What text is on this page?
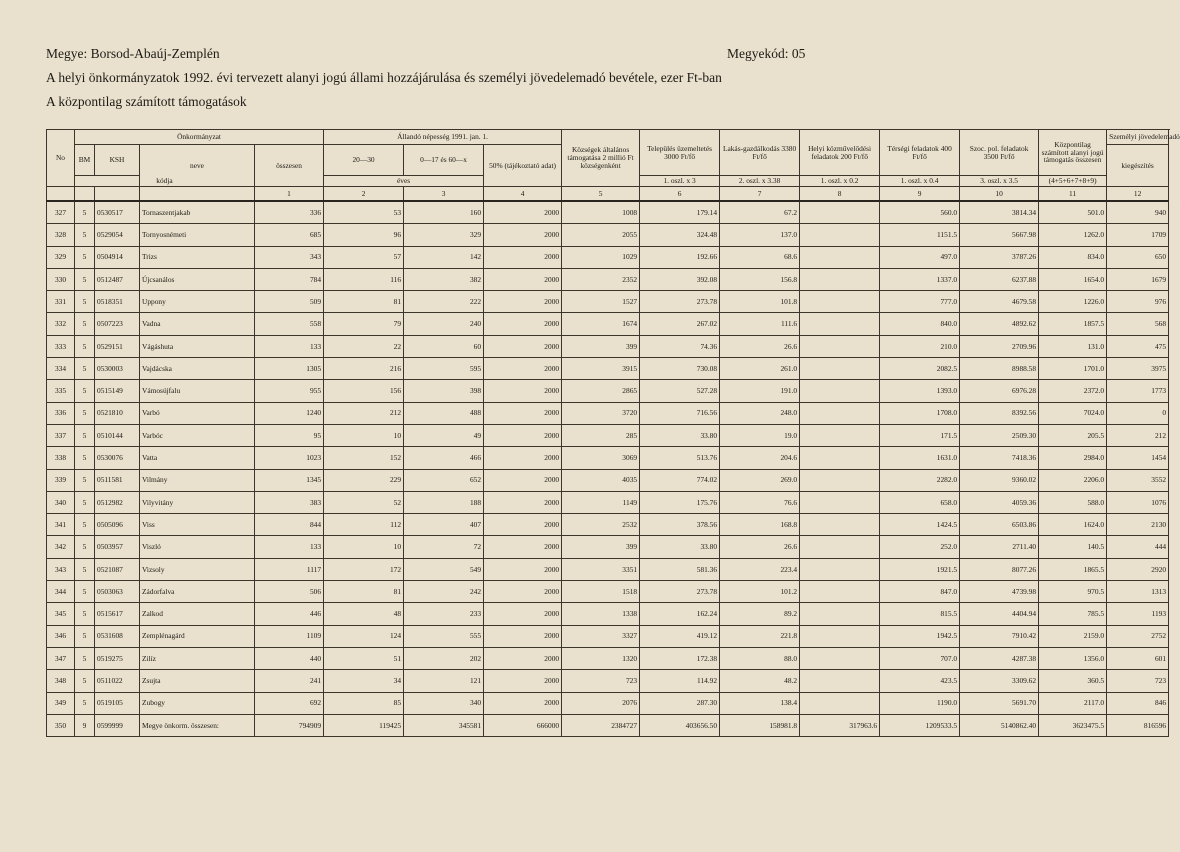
Megye: Borsod-Abaúj-Zemplén	Megyekód: 05
A helyi önkormányzatok 1992. évi tervezett alanyi jogú állami hozzájárulása és személyi jövedelemadó bevétele, ezer Ft-ban
A központilag számított támogatások
No	Önkormányzat				Állandó népesség 1991. jan. 1.			Községek általános támogatása 2 millió Ft községenként	Település üzemeltetés 3000 Ft/fő	Lakás-gazdálkodás 3380 Ft/fő	Helyi közművelődési feladatok 200 Ft/fő	Térségi feladatok 400 Ft/fő	Szoc. pol. feladatok 3500 Ft/fő	Központilag számított alanyi jogú támogatás összesen	Személyi jövedelemadó
	BM	KSH	neve	összesen	20—30	0—17 és 60—x	50% (tájékoztató adat)								kiegészítés
	kódja				éves				1. oszl. x 3	2. oszl. x 3.38	1. oszl. x 0.2	1. oszl. x 0.4	3. oszl. x 3.5	(4+5+6+7+8+9)	
				1	2	3	4	5	6	7	8	9	10	11	12
327	5	0530517	Tornaszentjakab	336	53	160	2000	1008	179.14	67.2		560.0	3814.34	501.0	940
328	5	0529054	Tornyosnémeti	685	96	329	2000	2055	324.48	137.0		1151.5	5667.98	1262.0	1709
329	5	0504914	Trizs	343	57	142	2000	1029	192.66	68.6		497.0	3787.26	834.0	650
330	5	0512487	Újcsanálos	784	116	382	2000	2352	392.08	156.8		1337.0	6237.88	1654.0	1679
331	5	0518351	Uppony	509	81	222	2000	1527	273.78	101.8		777.0	4679.58	1226.0	976
332	5	0507223	Vadna	558	79	240	2000	1674	267.02	111.6		840.0	4892.62	1857.5	568
333	5	0529151	Vágáshuta	133	22	60	2000	399	74.36	26.6		210.0	2709.96	131.0	475
334	5	0530003	Vajdácska	1305	216	595	2000	3915	730.08	261.0		2082.5	8988.58	1701.0	3975
335	5	0515149	Vámosújfalu	955	156	398	2000	2865	527.28	191.0		1393.0	6976.28	2372.0	1773
336	5	0521810	Varbó	1240	212	488	2000	3720	716.56	248.0		1708.0	8392.56	7024.0	0
337	5	0510144	Varbóc	95	10	49	2000	285	33.80	19.0		171.5	2509.30	205.5	212
338	5	0530076	Vatta	1023	152	466	2000	3069	513.76	204.6		1631.0	7418.36	2984.0	1454
339	5	0511581	Vilmány	1345	229	652	2000	4035	774.02	269.0		2282.0	9360.02	2206.0	3552
340	5	0512982	Vilyvitány	383	52	188	2000	1149	175.76	76.6		658.0	4059.36	588.0	1076
341	5	0505096	Viss	844	112	407	2000	2532	378.56	168.8		1424.5	6503.86	1624.0	2130
342	5	0503957	Viszló	133	10	72	2000	399	33.80	26.6		252.0	2711.40	140.5	444
343	5	0521087	Vizsoly	1117	172	549	2000	3351	581.36	223.4		1921.5	8077.26	1865.5	2920
344	5	0503063	Zádorfalva	506	81	242	2000	1518	273.78	101.2		847.0	4739.98	970.5	1313
345	5	0515617	Zalkod	446	48	233	2000	1338	162.24	89.2		815.5	4404.94	785.5	1193
346	5	0531608	Zemplénagárd	1109	124	555	2000	3327	419.12	221.8		1942.5	7910.42	2159.0	2752
347	5	0519275	Zilíz	440	51	202	2000	1320	172.38	88.0		707.0	4287.38	1356.0	601
348	5	0511022	Zsujta	241	34	121	2000	723	114.92	48.2		423.5	3309.62	360.5	723
349	5	0519105	Zubogy	692	85	340	2000	2076	287.30	138.4		1190.0	5691.70	2117.0	846
350	9	0599999	Megye önkorm. összesen:	794909	119425	345581	666000	2384727	403656.50	158981.8	317963.6	1209533.5	5140862.40	3623475.5	816596
